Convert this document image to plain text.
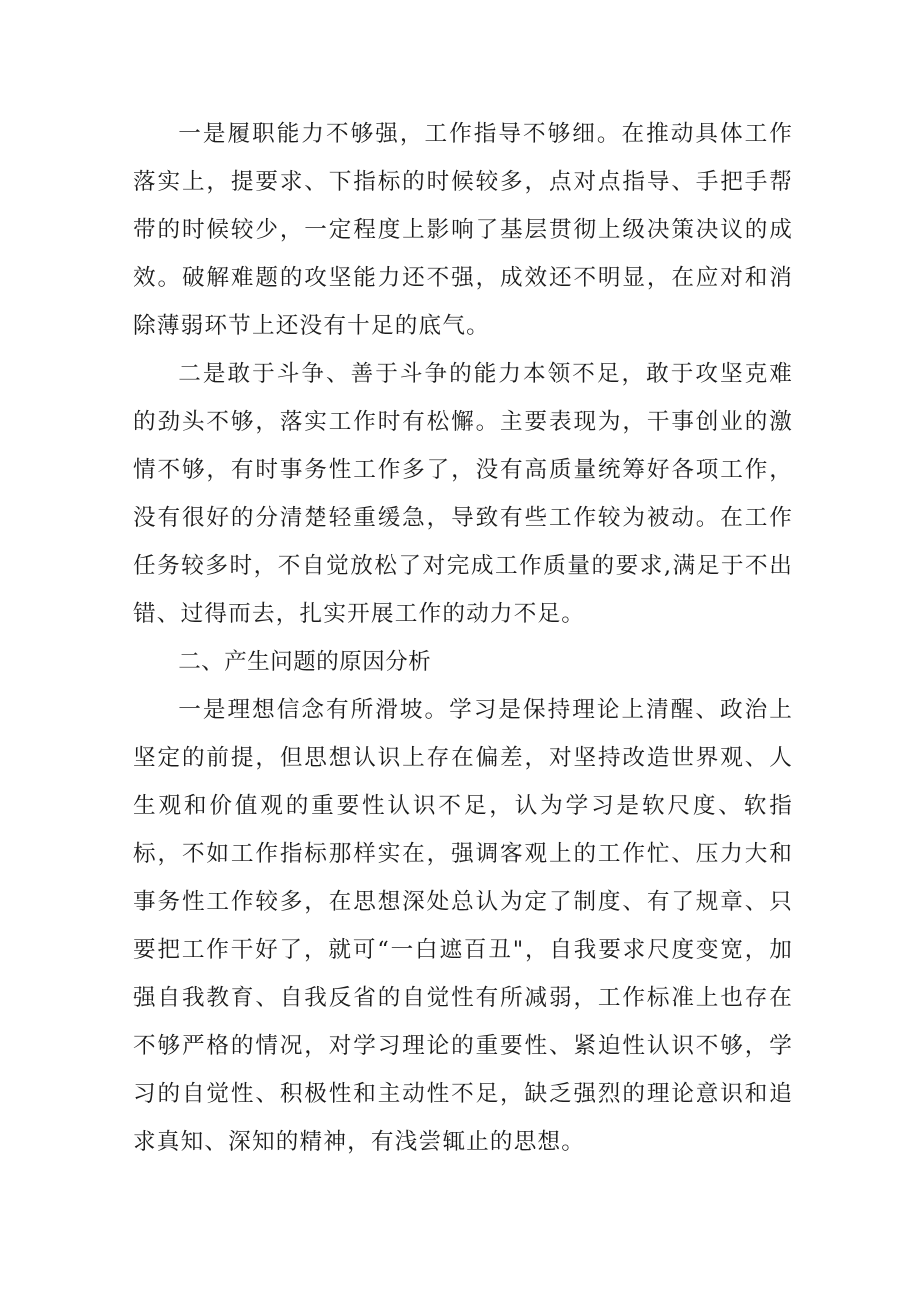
一是履职能力不够强，工作指导不够细。在推动具体工作落实上，提要求、下指标的时候较多，点对点指导、手把手帮带的时候较少，一定程度上影响了基层贯彻上级决策决议的成效。破解难题的攻坚能力还不强，成效还不明显，在应对和消除薄弱环节上还没有十足的底气。

二是敢于斗争、善于斗争的能力本领不足，敢于攻坚克难的劲头不够，落实工作时有松懈。主要表现为，干事创业的激情不够，有时事务性工作多了，没有高质量统筹好各项工作，没有很好的分清楚轻重缓急，导致有些工作较为被动。在工作任务较多时，不自觉放松了对完成工作质量的要求,满足于不出错、过得而去，扎实开展工作的动力不足。

二、产生问题的原因分析

一是理想信念有所滑坡。学习是保持理论上清醒、政治上坚定的前提，但思想认识上存在偏差，对坚持改造世界观、人生观和价值观的重要性认识不足，认为学习是软尺度、软指标，不如工作指标那样实在，强调客观上的工作忙、压力大和事务性工作较多，在思想深处总认为定了制度、有了规章、只要把工作干好了，就可“一白遮百丑"，自我要求尺度变宽，加强自我教育、自我反省的自觉性有所减弱，工作标准上也存在不够严格的情况，对学习理论的重要性、紧迫性认识不够，学习的自觉性、积极性和主动性不足，缺乏强烈的理论意识和追求真知、深知的精神，有浅尝辄止的思想。
